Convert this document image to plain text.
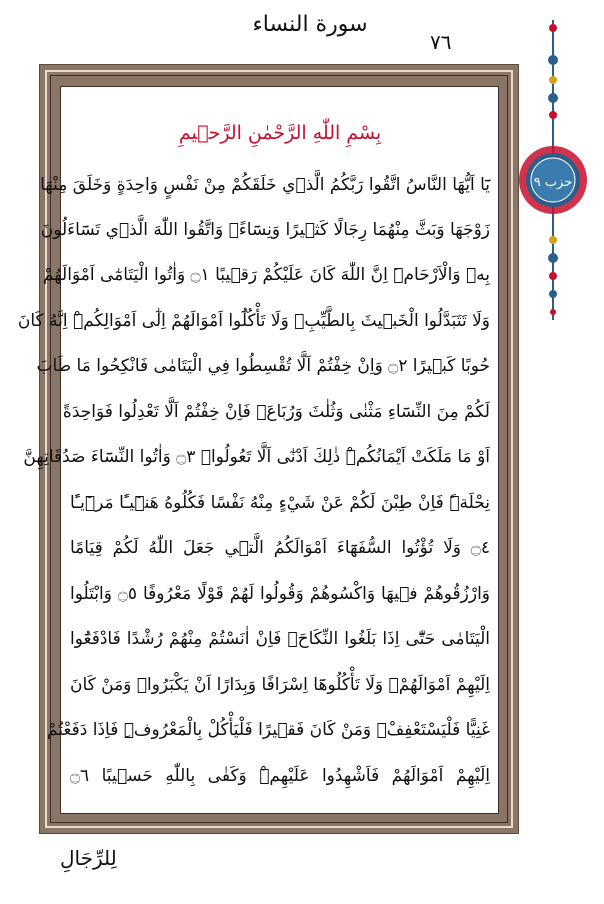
سورة النساء
٧٦
حزب ٩
بِسْمِ اللّٰهِ الرَّحْمٰنِ الرَّح۪يمِ
يَٓا اَيُّهَا النَّاسُ اتَّقُوا رَبَّكُمُ الَّذ۪ي خَلَقَكُمْ مِنْ نَفْسٍ وَاحِدَةٍ وَخَلَقَ مِنْهَا
زَوْجَهَا وَبَثَّ مِنْهُمَا رِجَالًا كَث۪يرًا وَنِسَٓاءًۚ وَاتَّقُوا اللّٰهَ الَّذ۪ي تَسَٓاءَلُونَ
بِه۪ وَالْاَرْحَامَۜ اِنَّ اللّٰهَ كَانَ عَلَيْكُمْ رَق۪يبًا ۝١ وَاٰتُوا الْيَتَامٰٓى اَمْوَالَهُمْ
وَلَا تَتَبَدَّلُوا الْخَب۪يثَ بِالطَّيِّبِۖ وَلَا تَأْكُلُٓوا اَمْوَالَهُمْ اِلٰٓى اَمْوَالِكُمْۜ اِنَّهُ كَانَ
حُوبًا كَب۪يرًا ۝٢ وَاِنْ خِفْتُمْ اَلَّا تُقْسِطُوا فِي الْيَتَامٰى فَانْكِحُوا مَا طَابَ
لَكُمْ مِنَ النِّسَٓاءِ مَثْنٰى وَثُلٰثَ وَرُبَاعَۚ فَاِنْ خِفْتُمْ اَلَّا تَعْدِلُوا فَوَاحِدَةً
اَوْ مَا مَلَكَتْ اَيْمَانُكُمْۜ ذٰلِكَ اَدْنٰٓى اَلَّا تَعُولُواۜ ۝٣ وَاٰتُوا النِّسَٓاءَ صَدُقَاتِهِنَّ
نِحْلَةًۜ فَاِنْ طِبْنَ لَكُمْ عَنْ شَيْءٍ مِنْهُ نَفْسًا فَكُلُوهُ هَن۪ٓيـًٔا مَر۪ٓيـًٔا
۝٤ وَلَا تُؤْتُوا السُّفَهَٓاءَ اَمْوَالَكُمُ الَّت۪ي جَعَلَ اللّٰهُ لَكُمْ قِيَامًا
وَارْزُقُوهُمْ ف۪يهَا وَاكْسُوهُمْ وَقُولُوا لَهُمْ قَوْلًا مَعْرُوفًا ۝٥ وَابْتَلُوا
الْيَتَامٰى حَتّٰٓى اِذَا بَلَغُوا النِّكَاحَۚ فَاِنْ اٰنَسْتُمْ مِنْهُمْ رُشْدًا فَادْفَعُٓوا
اِلَيْهِمْ اَمْوَالَهُمْۚ وَلَا تَأْكُلُوهَٓا اِسْرَافًا وَبِدَارًا اَنْ يَكْبَرُواۜ وَمَنْ كَانَ
غَنِيًّا فَلْيَسْتَعْفِفْۚ وَمَنْ كَانَ فَق۪يرًا فَلْيَأْكُلْ بِالْمَعْرُوفِۜ فَاِذَا دَفَعْتُمْ
اِلَيْهِمْ اَمْوَالَهُمْ فَاَشْهِدُوا عَلَيْهِمْۜ وَكَفٰى بِاللّٰهِ حَس۪يبًا ۝٦
لِلرِّجَالِ
